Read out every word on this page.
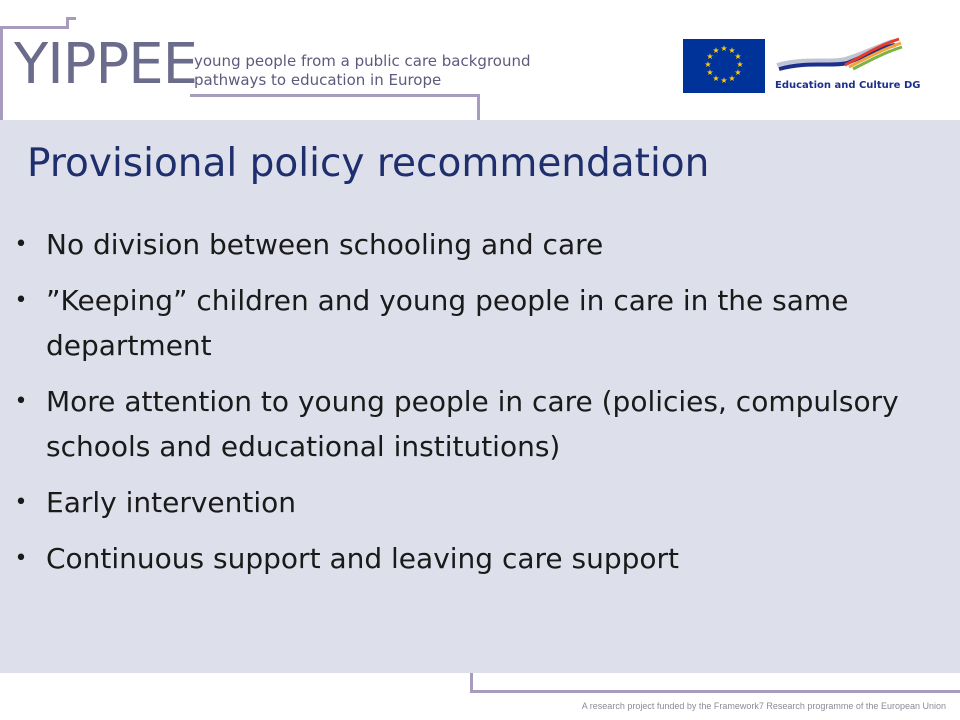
YIPPEE
young people from a public care background
pathways to education in Europe
★ ★
★
★
★
★
★
★
★
★
★
★
Education and Culture DG
Provisional policy recommendation
• No division between schooling and care
• ”Keeping” children and young people in care in the same department
• More attention to young people in care (policies, compulsory schools and educational institutions)
• Early intervention
• Continuous support and leaving care support
A research project funded by the Framework7 Research programme of the European Union
